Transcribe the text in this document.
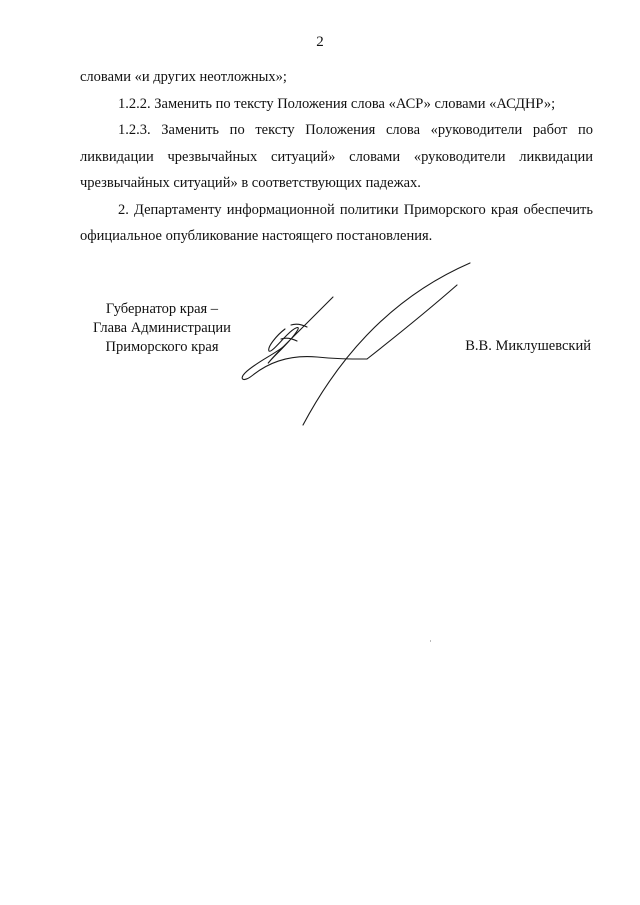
2

словами «и других неотложных»;

1.2.2. Заменить по тексту Положения слова «АСР» словами «АСДНР»;

1.2.3. Заменить по тексту Положения слова «руководители работ по ликвидации чрезвычайных ситуаций» словами «руководители ликвидации чрезвычайных ситуаций» в соответствующих падежах.

2. Департаменту информационной политики Приморского края обеспечить официальное опубликование настоящего постановления.

Губернатор края –
Глава Администрации
Приморского края	В.В. Миклушевский
